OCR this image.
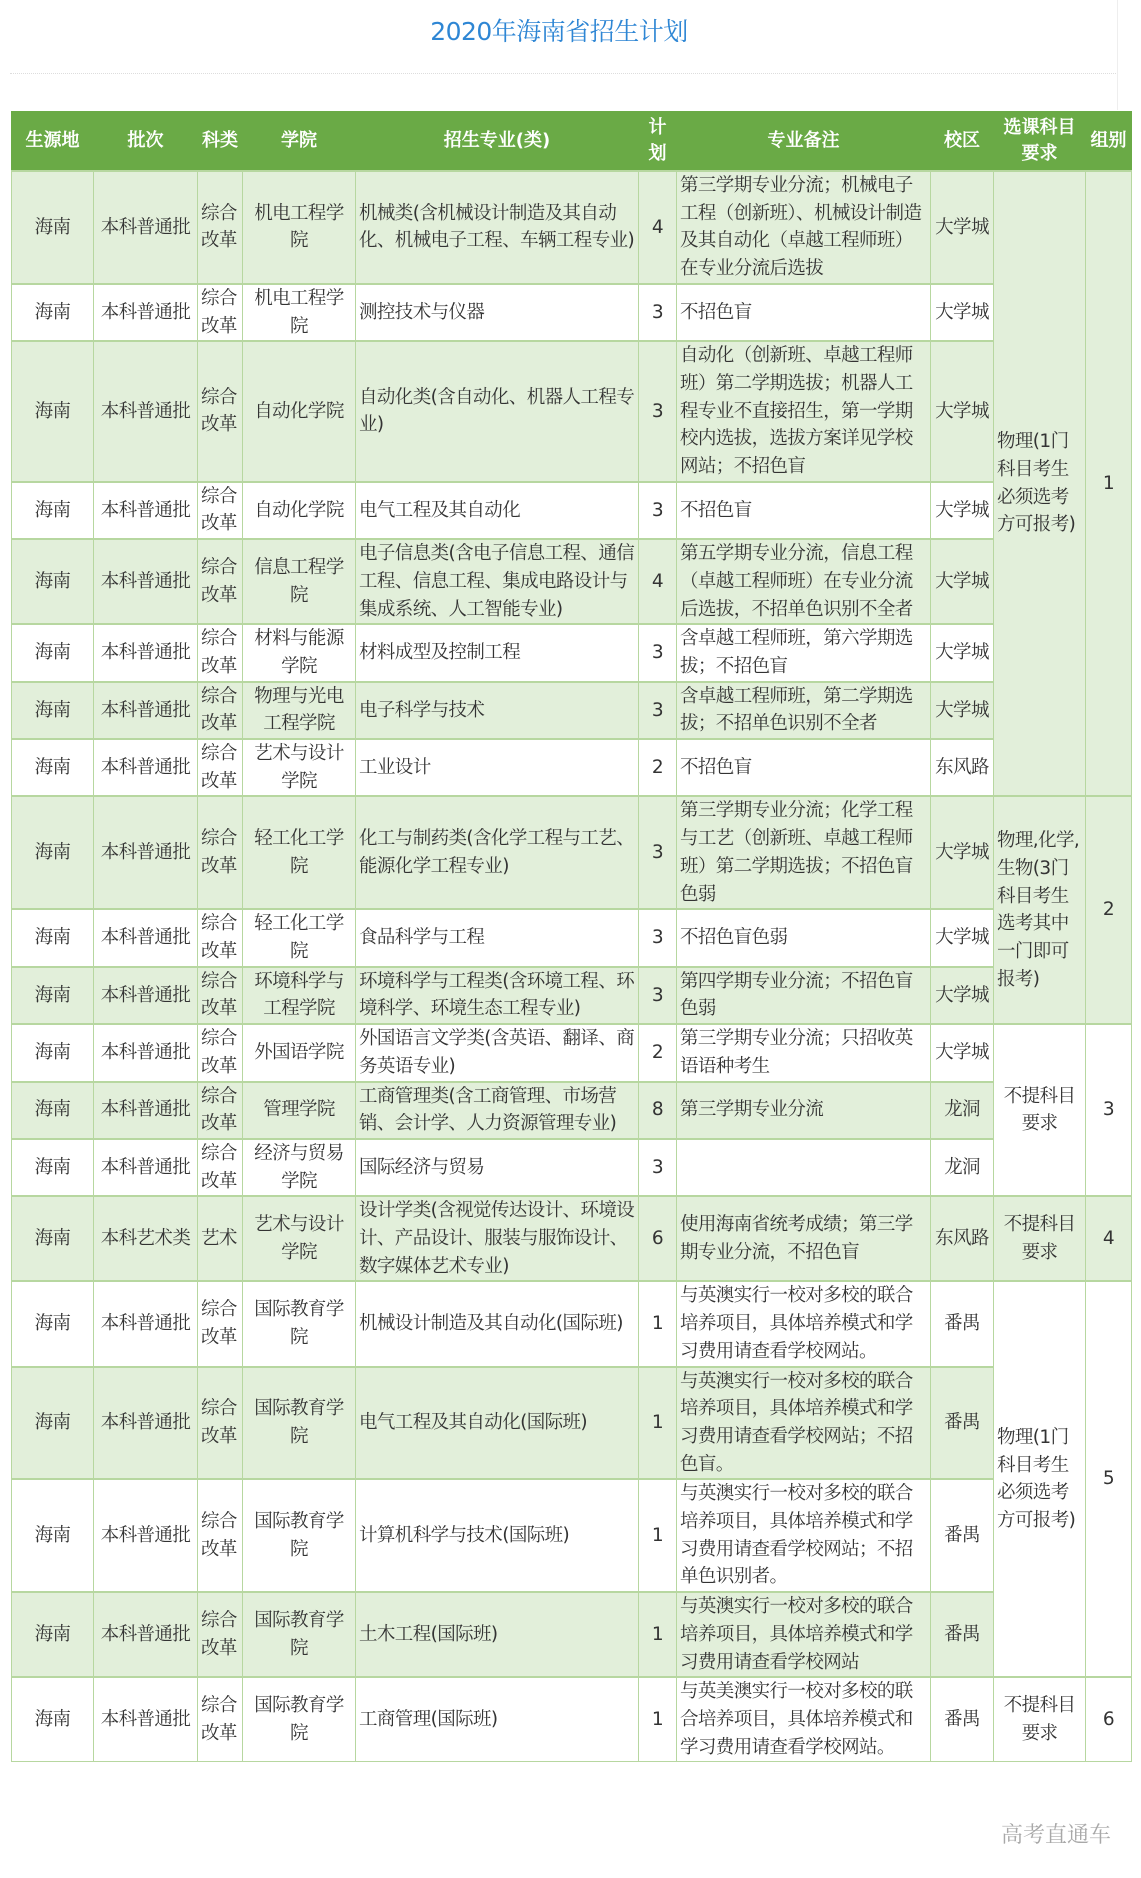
2020年海南省招生计划
生源地	批次	科类	学院	招生专业(类)	计划	专业备注	校区	选课科目要求	组别
海南	本科普通批	综合改革	机电工程学院	机械类(含机械设计制造及其自动化、机械电子工程、车辆工程专业)	4	第三学期专业分流；机械电子工程（创新班）、机械设计制造及其自动化（卓越工程师班）在专业分流后选拔	大学城	物理(1门科目考生必须选考方可报考)	1
海南	本科普通批	综合改革	机电工程学院	测控技术与仪器	3	不招色盲	大学城		
海南	本科普通批	综合改革	自动化学院	自动化类(含自动化、机器人工程专业)	3	自动化（创新班、卓越工程师班）第二学期选拔；机器人工程专业不直接招生，第一学期校内选拔，选拔方案详见学校网站；不招色盲	大学城		
海南	本科普通批	综合改革	自动化学院	电气工程及其自动化	3	不招色盲	大学城		
海南	本科普通批	综合改革	信息工程学院	电子信息类(含电子信息工程、通信工程、信息工程、集成电路设计与集成系统、人工智能专业)	4	第五学期专业分流，信息工程（卓越工程师班）在专业分流后选拔，不招单色识别不全者	大学城		
海南	本科普通批	综合改革	材料与能源学院	材料成型及控制工程	3	含卓越工程师班，第六学期选拔；不招色盲	大学城		
海南	本科普通批	综合改革	物理与光电工程学院	电子科学与技术	3	含卓越工程师班，第二学期选拔；不招单色识别不全者	大学城		
海南	本科普通批	综合改革	艺术与设计学院	工业设计	2	不招色盲	东风路		
海南	本科普通批	综合改革	轻工化工学院	化工与制药类(含化学工程与工艺、能源化学工程专业)	3	第三学期专业分流；化学工程与工艺（创新班、卓越工程师班）第二学期选拔；不招色盲色弱	大学城	物理,化学,生物(3门科目考生选考其中一门即可报考)	2
海南	本科普通批	综合改革	轻工化工学院	食品科学与工程	3	不招色盲色弱	大学城		
海南	本科普通批	综合改革	环境科学与工程学院	环境科学与工程类(含环境工程、环境科学、环境生态工程专业)	3	第四学期专业分流；不招色盲色弱	大学城		
海南	本科普通批	综合改革	外国语学院	外国语言文学类(含英语、翻译、商务英语专业)	2	第三学期专业分流；只招收英语语种考生	大学城	不提科目要求	3
海南	本科普通批	综合改革	管理学院	工商管理类(含工商管理、市场营销、会计学、人力资源管理专业)	8	第三学期专业分流	龙洞		
海南	本科普通批	综合改革	经济与贸易学院	国际经济与贸易	3		龙洞		
海南	本科艺术类	艺术	艺术与设计学院	设计学类(含视觉传达设计、环境设计、产品设计、服装与服饰设计、数字媒体艺术专业)	6	使用海南省统考成绩；第三学期专业分流，不招色盲	东风路	不提科目要求	4
海南	本科普通批	综合改革	国际教育学院	机械设计制造及其自动化(国际班)	1	与英澳实行一校对多校的联合培养项目，具体培养模式和学习费用请查看学校网站。	番禺	物理(1门科目考生必须选考方可报考)	5
海南	本科普通批	综合改革	国际教育学院	电气工程及其自动化(国际班)	1	与英澳实行一校对多校的联合培养项目，具体培养模式和学习费用请查看学校网站；不招色盲。	番禺		
海南	本科普通批	综合改革	国际教育学院	计算机科学与技术(国际班)	1	与英澳实行一校对多校的联合培养项目，具体培养模式和学习费用请查看学校网站；不招单色识别者。	番禺		
海南	本科普通批	综合改革	国际教育学院	土木工程(国际班)	1	与英澳实行一校对多校的联合培养项目，具体培养模式和学习费用请查看学校网站	番禺		
海南	本科普通批	综合改革	国际教育学院	工商管理(国际班)	1	与英美澳实行一校对多校的联合培养项目，具体培养模式和学习费用请查看学校网站。	番禺	不提科目要求	6
高考直通车
